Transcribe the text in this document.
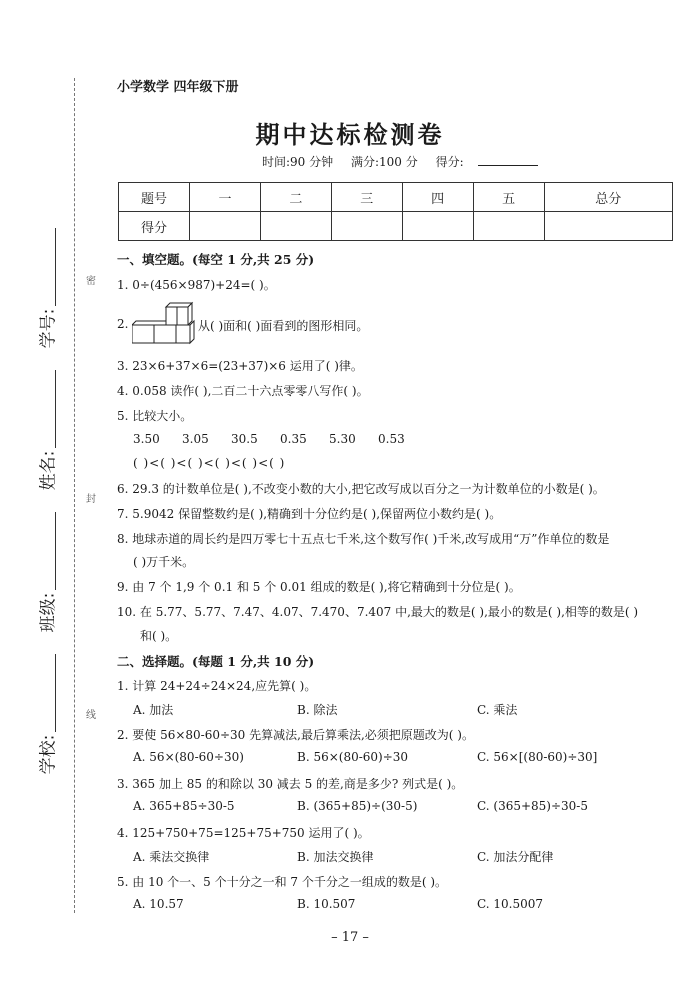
学号:
姓名:
班级:
学校:
密
封
线
小学数学 四年级下册
期中达标检测卷
时间:90 分钟 满分:100 分 得分:
题号	一	二	三	四	五	总分
得分						
一、填空题。(每空 1 分,共 25 分)
1. 0÷(456×987)+24=( )。
2.	从( )面和( )面看到的图形相同。
3. 23×6+37×6=(23+37)×6 运用了( )律。
4. 0.058 读作( ),二百二十六点零零八写作( )。
5. 比较大小。
3.50	3.05	30.5	0.35	5.30	0.53
( )<( )<( )<( )<( )<( )
6. 29.3 的计数单位是( ),不改变小数的大小,把它改写成以百分之一为计数单位的小数是( )。
7. 5.9042 保留整数约是( ),精确到十分位约是( ),保留两位小数约是( )。
8. 地球赤道的周长约是四万零七十五点七千米,这个数写作( )千米,改写成用“万”作单位的数是
( )万千米。
9. 由 7 个 1,9 个 0.1 和 5 个 0.01 组成的数是( ),将它精确到十分位是( )。
10. 在 5.77、5.77、7.47、4.07、7.470、7.407 中,最大的数是( ),最小的数是( ),相等的数是( )
和( )。
二、选择题。(每题 1 分,共 10 分)
1. 计算 24+24÷24×24,应先算( )。
A. 加法	B. 除法	C. 乘法
2. 要使 56×80-60÷30 先算减法,最后算乘法,必须把原题改为( )。
A. 56×(80-60÷30)	B. 56×(80-60)÷30	C. 56×[(80-60)÷30]
3. 365 加上 85 的和除以 30 减去 5 的差,商是多少? 列式是( )。
A. 365+85÷30-5	B. (365+85)÷(30-5)	C. (365+85)÷30-5
4. 125+750+75=125+75+750 运用了( )。
A. 乘法交换律	B. 加法交换律	C. 加法分配律
5. 由 10 个一、5 个十分之一和 7 个千分之一组成的数是( )。
A. 10.57	B. 10.507	C. 10.5007
– 17 –
